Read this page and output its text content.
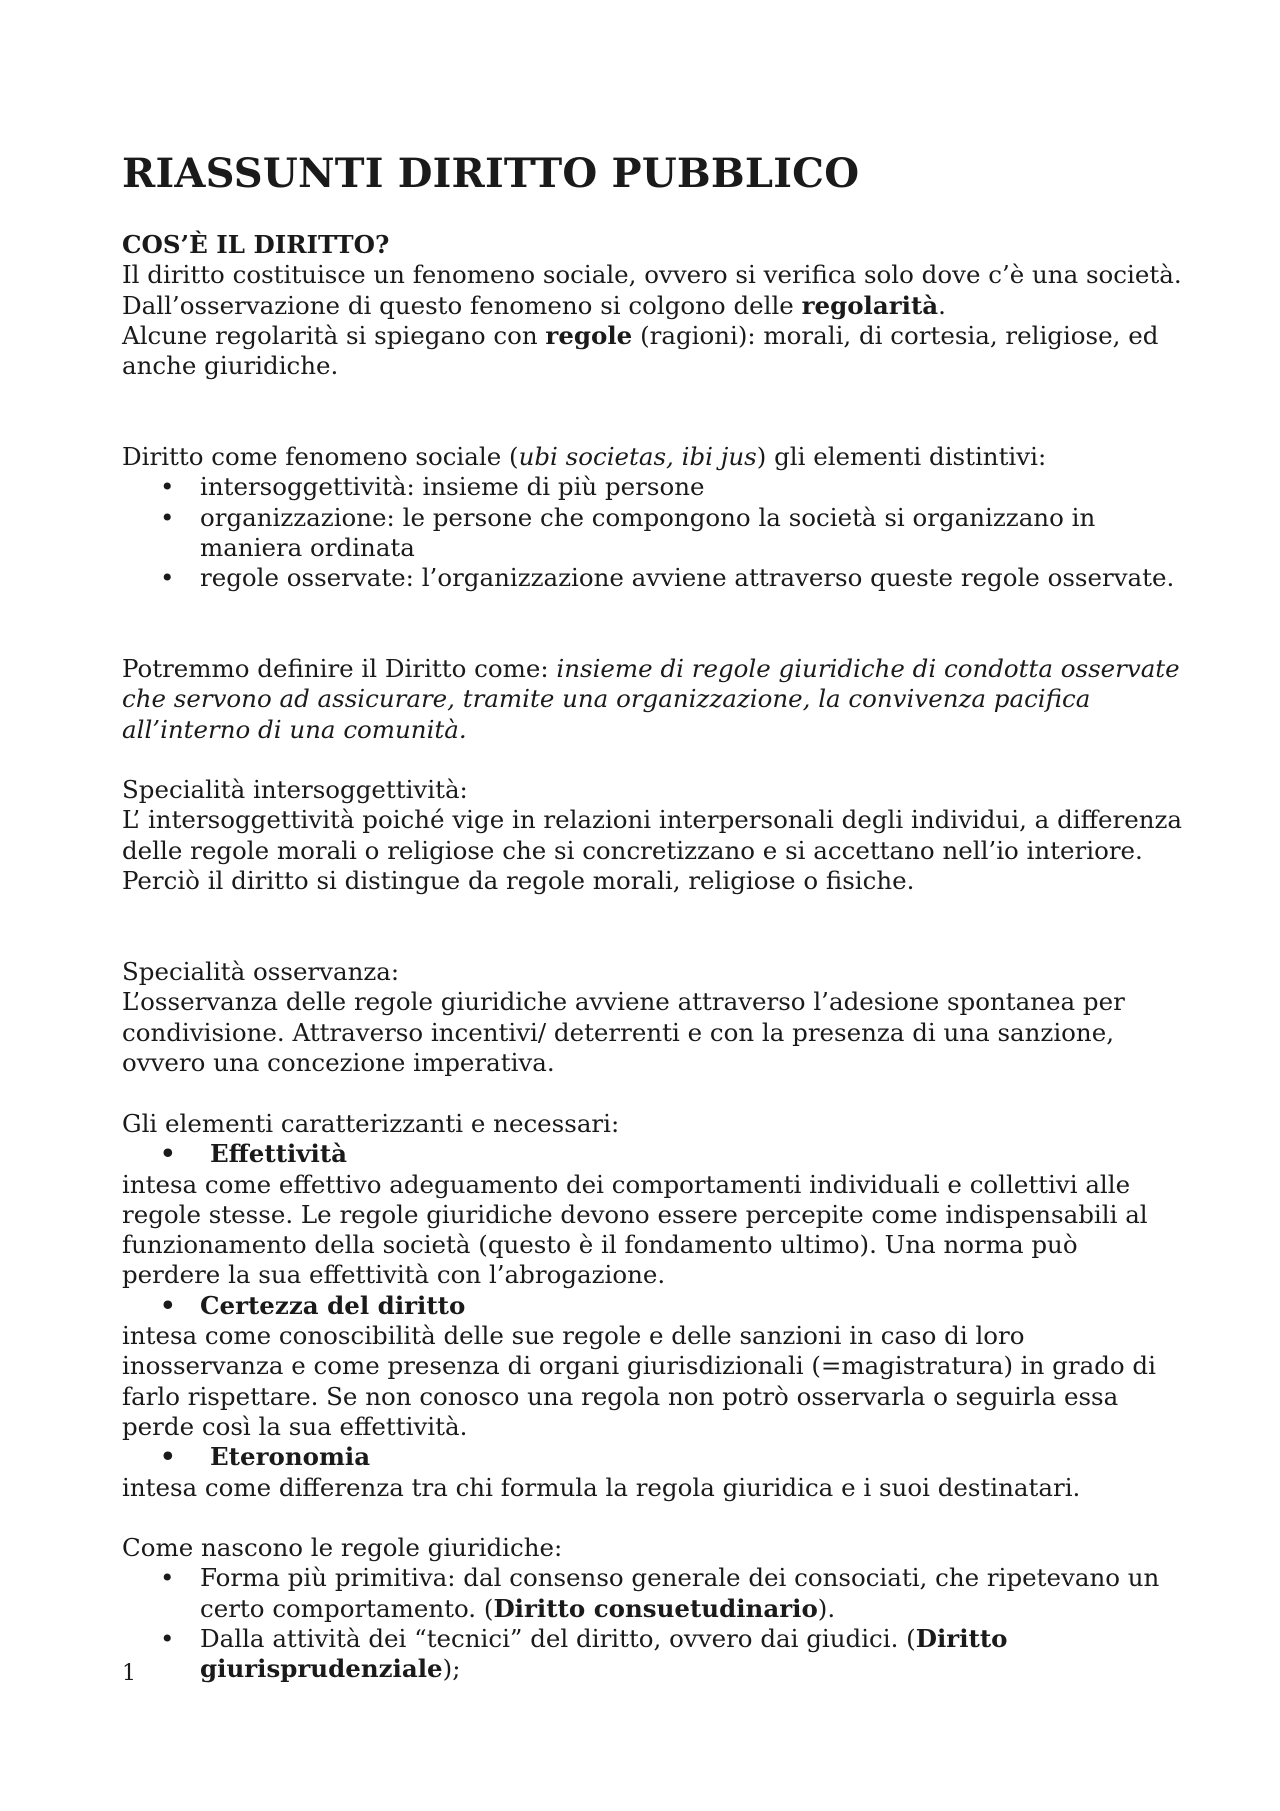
RIASSUNTI DIRITTO PUBBLICO

COS’È IL DIRITTO?

Il diritto costituisce un fenomeno sociale, ovvero si verifica solo dove c’è una società.

Dall’osservazione di questo fenomeno si colgono delle regolarità.

Alcune regolarità si spiegano con regole (ragioni): morali, di cortesia, religiose, ed anche giuridiche.

Diritto come fenomeno sociale (ubi societas, ibi jus) gli elementi distintivi:

• intersoggettività: insieme di più persone
• organizzazione: le persone che compongono la società si organizzano in maniera ordinata
• regole osservate: l’organizzazione avviene attraverso queste regole osservate.

Potremmo definire il Diritto come: insieme di regole giuridiche di condotta osservate che servono ad assicurare, tramite una organizzazione, la convivenza pacifica all’interno di una comunità.

Specialità intersoggettività:

L’ intersoggettività poiché vige in relazioni interpersonali degli individui, a differenza delle regole morali o religiose che si concretizzano e si accettano nell’io interiore. Perciò il diritto si distingue da regole morali, religiose o fisiche.

Specialità osservanza:

L’osservanza delle regole giuridiche avviene attraverso l’adesione spontanea per condivisione. Attraverso incentivi/ deterrenti e con la presenza di una sanzione, ovvero una concezione imperativa.

Gli elementi caratterizzanti e necessari:

• Effettività

intesa come effettivo adeguamento dei comportamenti individuali e collettivi alle regole stesse. Le regole giuridiche devono essere percepite come indispensabili al funzionamento della società (questo è il fondamento ultimo). Una norma può perdere la sua effettività con l’abrogazione.

• Certezza del diritto

intesa come conoscibilità delle sue regole e delle sanzioni in caso di loro inosservanza e come presenza di organi giurisdizionali (=magistratura) in grado di farlo rispettare. Se non conosco una regola non potrò osservarla o seguirla essa perde così la sua effettività.

• Eteronomia

intesa come differenza tra chi formula la regola giuridica e i suoi destinatari.

Come nascono le regole giuridiche:

• Forma più primitiva: dal consenso generale dei consociati, che ripetevano un certo comportamento. (Diritto consuetudinario).
• Dalla attività dei “tecnici” del diritto, ovvero dai giudici. (Diritto giurisprudenziale);
1
